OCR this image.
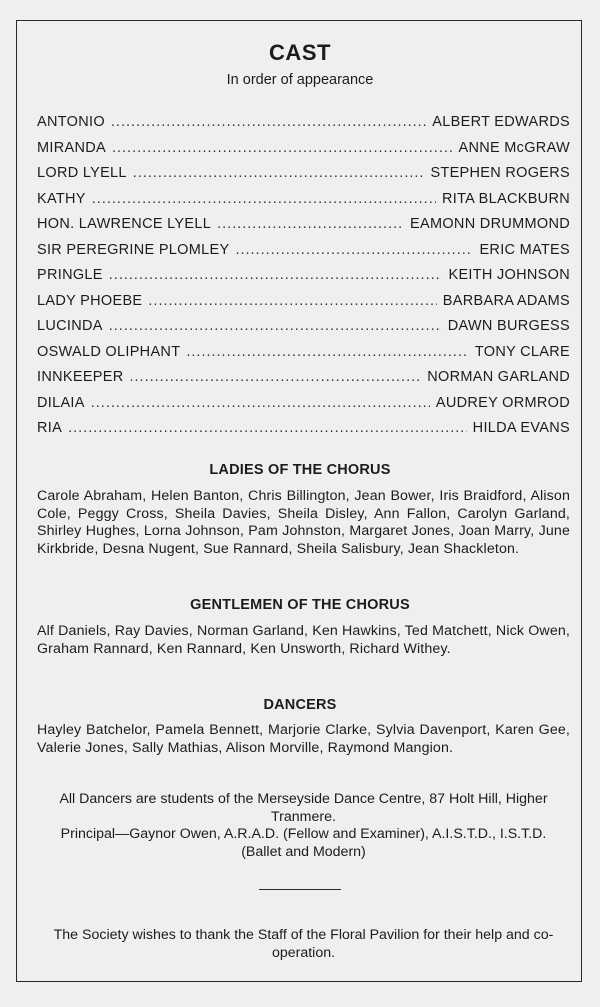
CAST
In order of appearance
ANTONIO .....	ALBERT EDWARDS
MIRANDA .....	ANNE McGRAW
LORD LYELL .....	STEPHEN ROGERS
KATHY .....	RITA BLACKBURN
HON. LAWRENCE LYELL .....	EAMONN DRUMMOND
SIR PEREGRINE PLOMLEY .....	ERIC MATES
PRINGLE .....	KEITH JOHNSON
LADY PHOEBE .....	BARBARA ADAMS
LUCINDA .....	DAWN BURGESS
OSWALD OLIPHANT .....	TONY CLARE
INNKEEPER .....	NORMAN GARLAND
DILAIA .....	AUDREY ORMROD
RIA .....	HILDA EVANS
LADIES OF THE CHORUS
Carole Abraham, Helen Banton, Chris Billington, Jean Bower, Iris Braidford, Alison Cole, Peggy Cross, Sheila Davies, Sheila Disley, Ann Fallon, Carolyn Garland, Shirley Hughes, Lorna Johnson, Pam Johnston, Margaret Jones, Joan Marry, June Kirkbride, Desna Nugent, Sue Rannard, Sheila Salisbury, Jean Shackleton.
GENTLEMEN OF THE CHORUS
Alf Daniels, Ray Davies, Norman Garland, Ken Hawkins, Ted Matchett, Nick Owen, Graham Rannard, Ken Rannard, Ken Unsworth, Richard Withey.
DANCERS
Hayley Batchelor, Pamela Bennett, Marjorie Clarke, Sylvia Davenport, Karen Gee, Valerie Jones, Sally Mathias, Alison Morville, Raymond Mangion.
All Dancers are students of the Merseyside Dance Centre, 87 Holt Hill, Higher Tranmere.
Principal—Gaynor Owen, A.R.A.D. (Fellow and Examiner), A.I.S.T.D., I.S.T.D. (Ballet and Modern)
The Society wishes to thank the Staff of the Floral Pavilion for their help and co-operation.
